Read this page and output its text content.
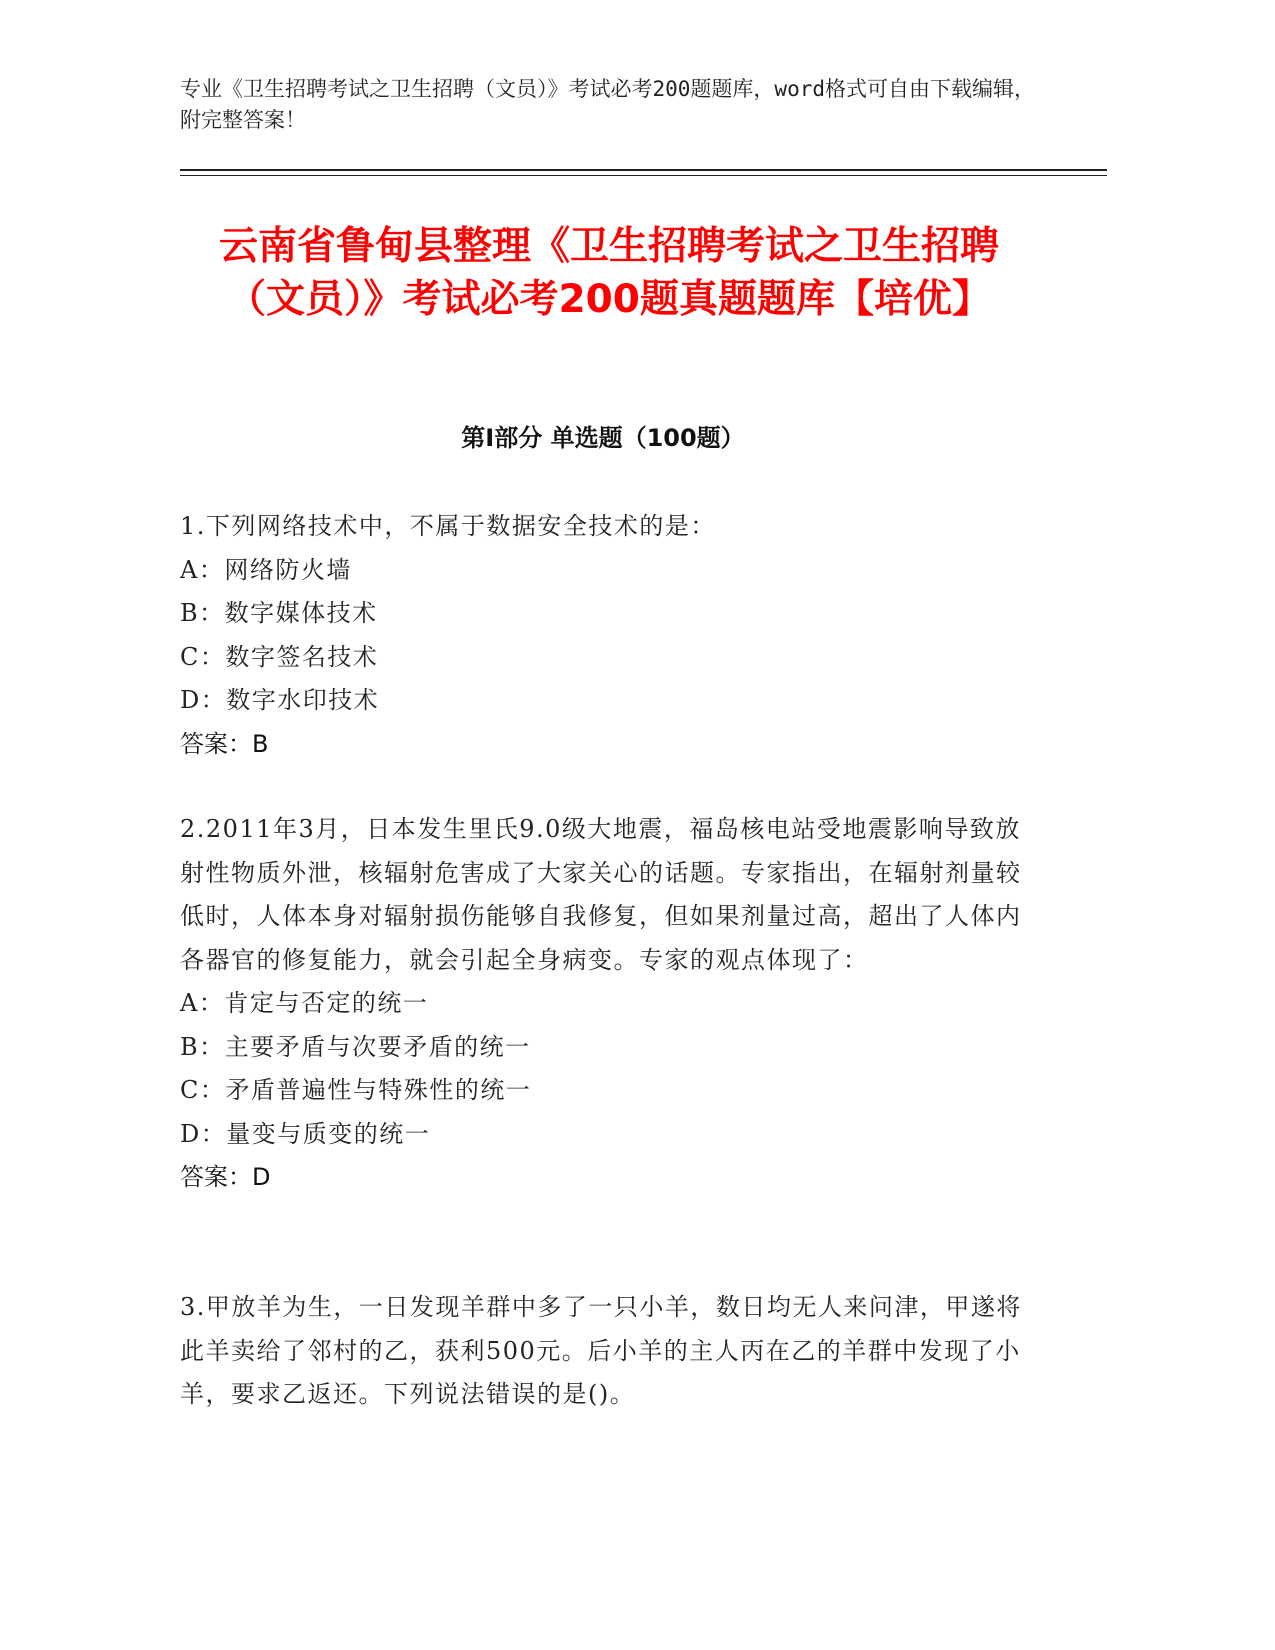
专业《卫生招聘考试之卫生招聘（文员）》考试必考200题题库，word格式可自由下载编辑，附完整答案！
云南省鲁甸县整理《卫生招聘考试之卫生招聘（文员）》考试必考200题真题题库【培优】
第Ⅰ部分 单选题（100题）
1.下列网络技术中，不属于数据安全技术的是：
A：网络防火墙
B：数字媒体技术
C：数字签名技术
D：数字水印技术
答案：B
2.2011年3月，日本发生里氏9.0级大地震，福岛核电站受地震影响导致放射性物质外泄，核辐射危害成了大家关心的话题。专家指出，在辐射剂量较低时，人体本身对辐射损伤能够自我修复，但如果剂量过高，超出了人体内各器官的修复能力，就会引起全身病变。专家的观点体现了：
A：肯定与否定的统一
B：主要矛盾与次要矛盾的统一
C：矛盾普遍性与特殊性的统一
D：量变与质变的统一
答案：D
3.甲放羊为生，一日发现羊群中多了一只小羊，数日均无人来问津，甲遂将此羊卖给了邻村的乙，获利500元。后小羊的主人丙在乙的羊群中发现了小羊，要求乙返还。下列说法错误的是()。
